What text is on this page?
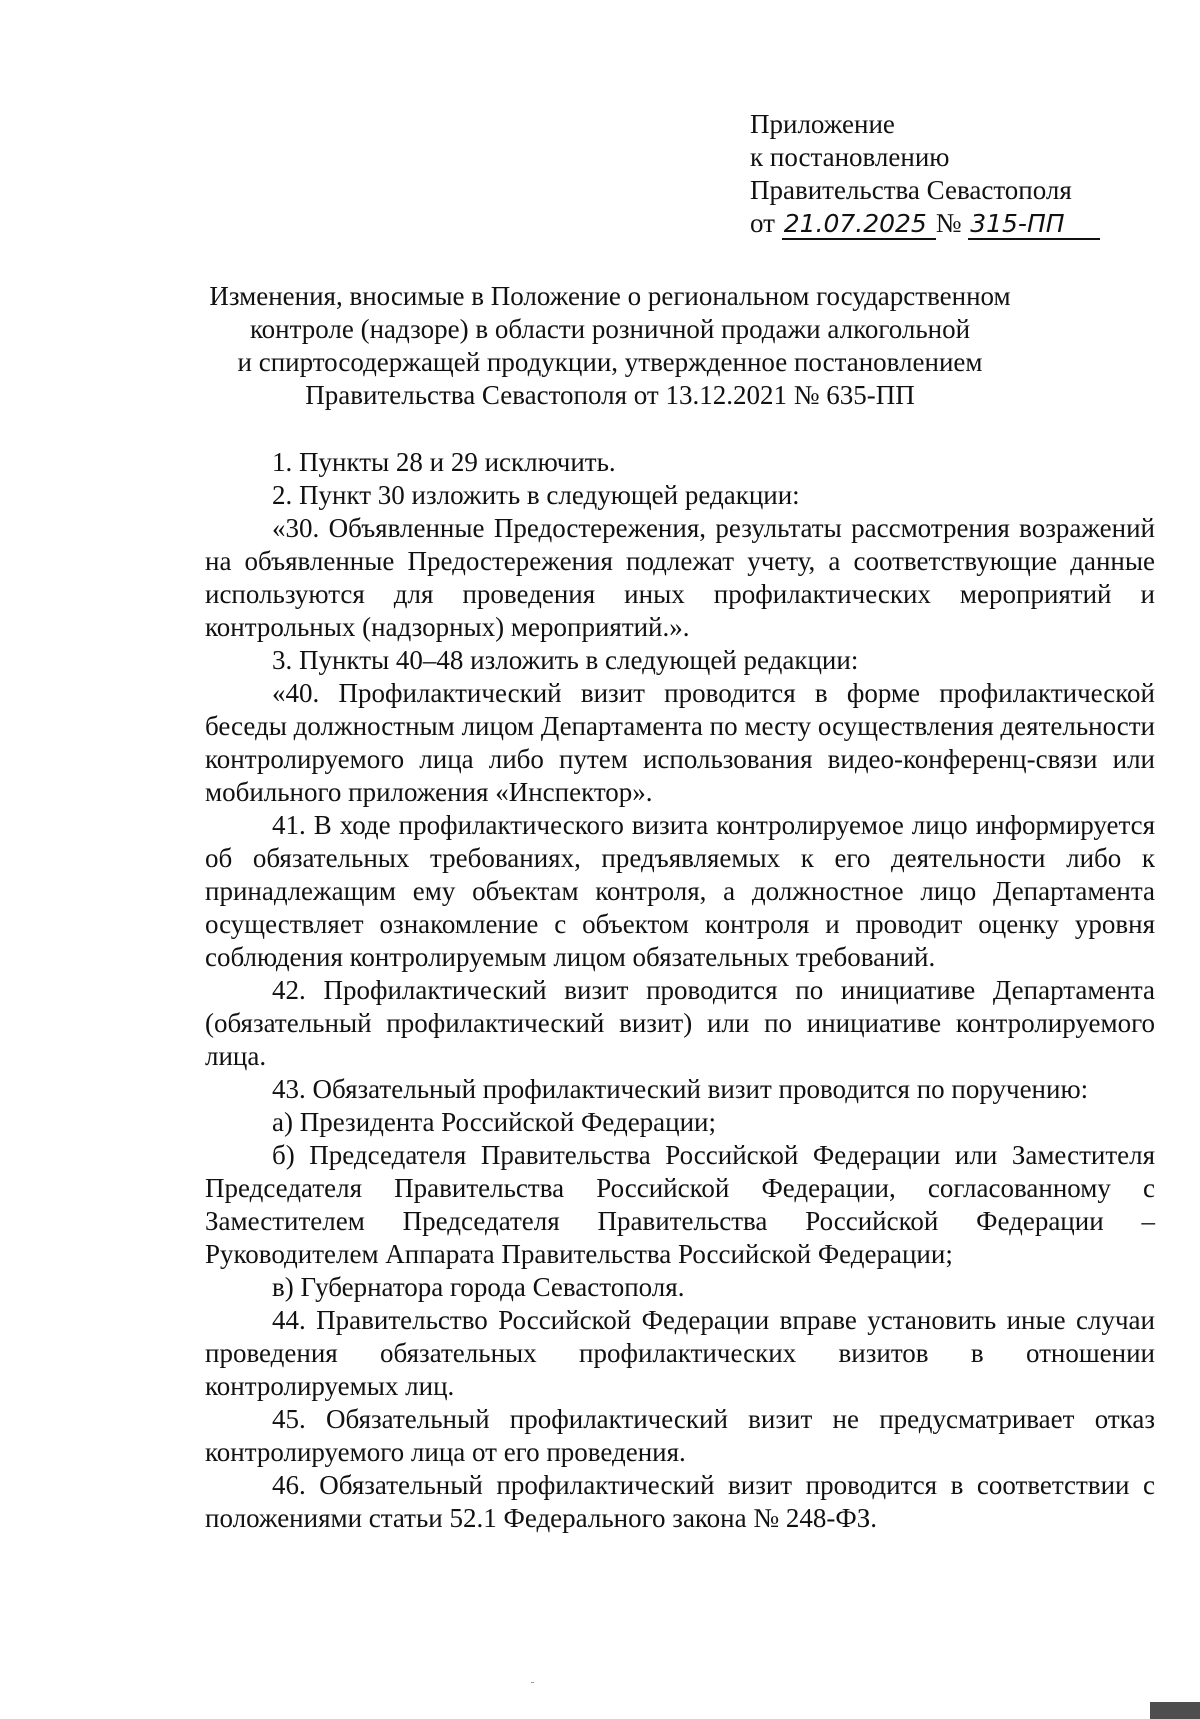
Приложение
к постановлению
Правительства Севастополя
от 21.07.2025 № 315-ПП
Изменения, вносимые в Положение о региональном государственном
контроле (надзоре) в области розничной продажи алкогольной
и спиртосодержащей продукции, утвержденное постановлением
Правительства Севастополя от 13.12.2021 № 635-ПП

1. Пункты 28 и 29 исключить.

2. Пункт 30 изложить в следующей редакции:

«30. Объявленные Предостережения, результаты рассмотрения возражений на объявленные Предостережения подлежат учету, а соответствующие данные используются для проведения иных профилактических мероприятий и контрольных (надзорных) мероприятий.».

3. Пункты 40–48 изложить в следующей редакции:

«40. Профилактический визит проводится в форме профилактической беседы должностным лицом Департамента по месту осуществления деятельности контролируемого лица либо путем использования видео-конференц-связи или мобильного приложения «Инспектор».

41. В ходе профилактического визита контролируемое лицо информируется об обязательных требованиях, предъявляемых к его деятельности либо к принадлежащим ему объектам контроля, а должностное лицо Департамента осуществляет ознакомление с объектом контроля и проводит оценку уровня соблюдения контролируемым лицом обязательных требований.

42. Профилактический визит проводится по инициативе Департамента (обязательный профилактический визит) или по инициативе контролируемого лица.

43. Обязательный профилактический визит проводится по поручению:

а) Президента Российской Федерации;

б) Председателя Правительства Российской Федерации или Заместителя Председателя Правительства Российской Федерации, согласованному с Заместителем Председателя Правительства Российской Федерации – Руководителем Аппарата Правительства Российской Федерации;

в) Губернатора города Севастополя.

44. Правительство Российской Федерации вправе установить иные случаи проведения обязательных профилактических визитов в отношении контролируемых лиц.

45. Обязательный профилактический визит не предусматривает отказ контролируемого лица от его проведения.

46. Обязательный профилактический визит проводится в соответствии с положениями статьи 52.1 Федерального закона № 248-ФЗ.
